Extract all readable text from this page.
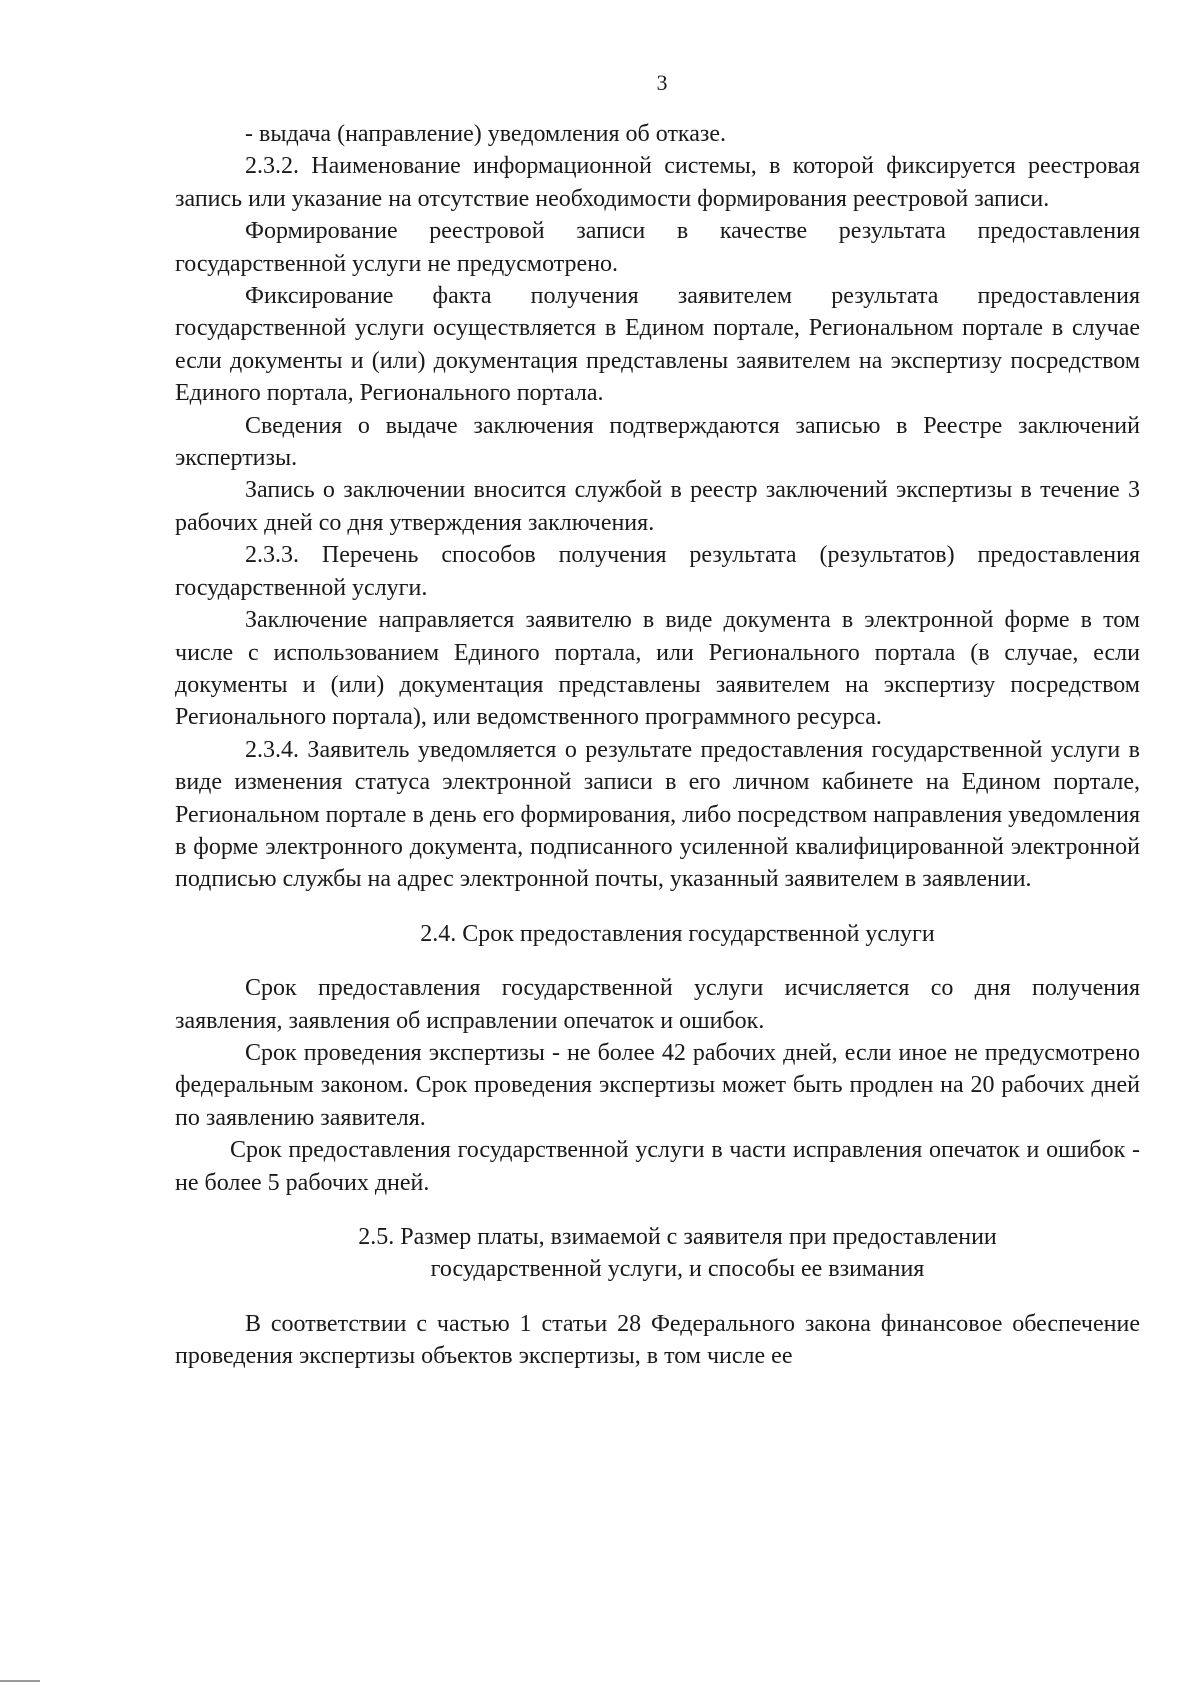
3

- выдача (направление) уведомления об отказе.

2.3.2. Наименование информационной системы, в которой фиксируется реестровая запись или указание на отсутствие необходимости формирования реестровой записи.

Формирование реестровой записи в качестве результата предоставления государственной услуги не предусмотрено.

Фиксирование факта получения заявителем результата предоставления государственной услуги осуществляется в Едином портале, Региональном портале в случае если документы и (или) документация представлены заявителем на экспертизу посредством Единого портала, Регионального портала.

Сведения о выдаче заключения подтверждаются записью в Реестре заключений экспертизы.

Запись о заключении вносится службой в реестр заключений экспертизы в течение 3 рабочих дней со дня утверждения заключения.

2.3.3. Перечень способов получения результата (результатов) предоставления государственной услуги.

Заключение направляется заявителю в виде документа в электронной форме в том числе с использованием Единого портала, или Регионального портала (в случае, если документы и (или) документация представлены заявителем на экспертизу посредством Регионального портала), или ведомственного программного ресурса.

2.3.4. Заявитель уведомляется о результате предоставления государственной услуги в виде изменения статуса электронной записи в его личном кабинете на Едином портале, Региональном портале в день его формирования, либо посредством направления уведомления в форме электронного документа, подписанного усиленной квалифицированной электронной подписью службы на адрес электронной почты, указанный заявителем в заявлении.

2.4. Срок предоставления государственной услуги

Срок предоставления государственной услуги исчисляется со дня получения заявления, заявления об исправлении опечаток и ошибок.

Срок проведения экспертизы - не более 42 рабочих дней, если иное не предусмотрено федеральным законом. Срок проведения экспертизы может быть продлен на 20 рабочих дней по заявлению заявителя.

Срок предоставления государственной услуги в части исправления опечаток и ошибок - не более 5 рабочих дней.

2.5. Размер платы, взимаемой с заявителя при предоставлении
государственной услуги, и способы ее взимания

В соответствии с частью 1 статьи 28 Федерального закона финансовое обеспечение проведения экспертизы объектов экспертизы, в том числе ее
